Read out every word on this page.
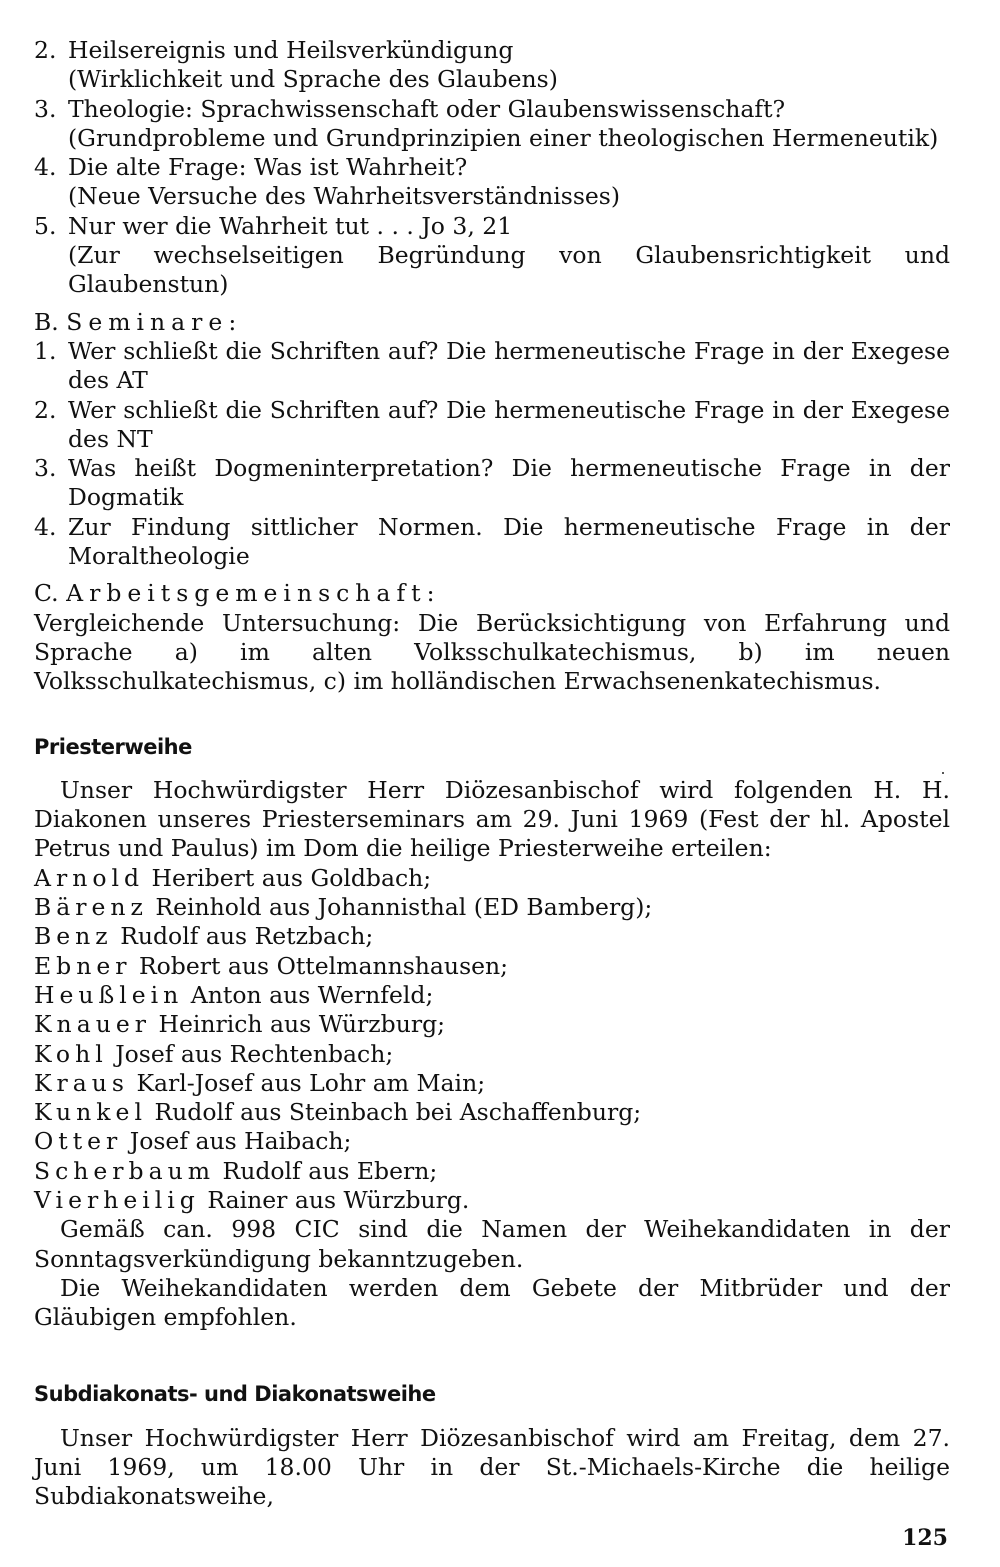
2. Heilsereignis und Heilsverkündigung
(Wirklichkeit und Sprache des Glaubens)
3. Theologie: Sprachwissenschaft oder Glaubenswissenschaft?
(Grundprobleme und Grundprinzipien einer theologischen Hermeneutik)
4. Die alte Frage: Was ist Wahrheit?
(Neue Versuche des Wahrheitsverständnisses)
5. Nur wer die Wahrheit tut . . . Jo 3, 21
(Zur wechselseitigen Begründung von Glaubensrichtigkeit und Glaubenstun)
B. Seminare:
1. Wer schließt die Schriften auf? Die hermeneutische Frage in der Exegese des AT
2. Wer schließt die Schriften auf? Die hermeneutische Frage in der Exegese des NT
3. Was heißt Dogmeninterpretation? Die hermeneutische Frage in der Dogmatik
4. Zur Findung sittlicher Normen. Die hermeneutische Frage in der Moraltheologie
C. Arbeitsgemeinschaft:
Vergleichende Untersuchung: Die Berücksichtigung von Erfahrung und Sprache a) im alten Volksschulkatechismus, b) im neuen Volksschulkatechismus, c) im holländischen Erwachsenenkatechismus.
Priesterweihe
Unser Hochwürdigster Herr Diözesanbischof wird folgenden H. H. Diakonen unseres Priesterseminars am 29. Juni 1969 (Fest der hl. Apostel Petrus und Paulus) im Dom die heilige Priesterweihe erteilen:
Arnold Heribert aus Goldbach;
Bärenz Reinhold aus Johannisthal (ED Bamberg);
Benz Rudolf aus Retzbach;
Ebner Robert aus Ottelmannshausen;
Heußlein Anton aus Wernfeld;
Knauer Heinrich aus Würzburg;
Kohl Josef aus Rechtenbach;
Kraus Karl-Josef aus Lohr am Main;
Kunkel Rudolf aus Steinbach bei Aschaffenburg;
Otter Josef aus Haibach;
Scherbaum Rudolf aus Ebern;
Vierheilig Rainer aus Würzburg.
Gemäß can. 998 CIC sind die Namen der Weihekandidaten in der Sonntagsverkündigung bekanntzugeben.
Die Weihekandidaten werden dem Gebete der Mitbrüder und der Gläubigen empfohlen.
Subdiakonats- und Diakonatsweihe
Unser Hochwürdigster Herr Diözesanbischof wird am Freitag, dem 27. Juni 1969, um 18.00 Uhr in der St.-Michaels-Kirche die heilige Subdiakonatsweihe,
125
